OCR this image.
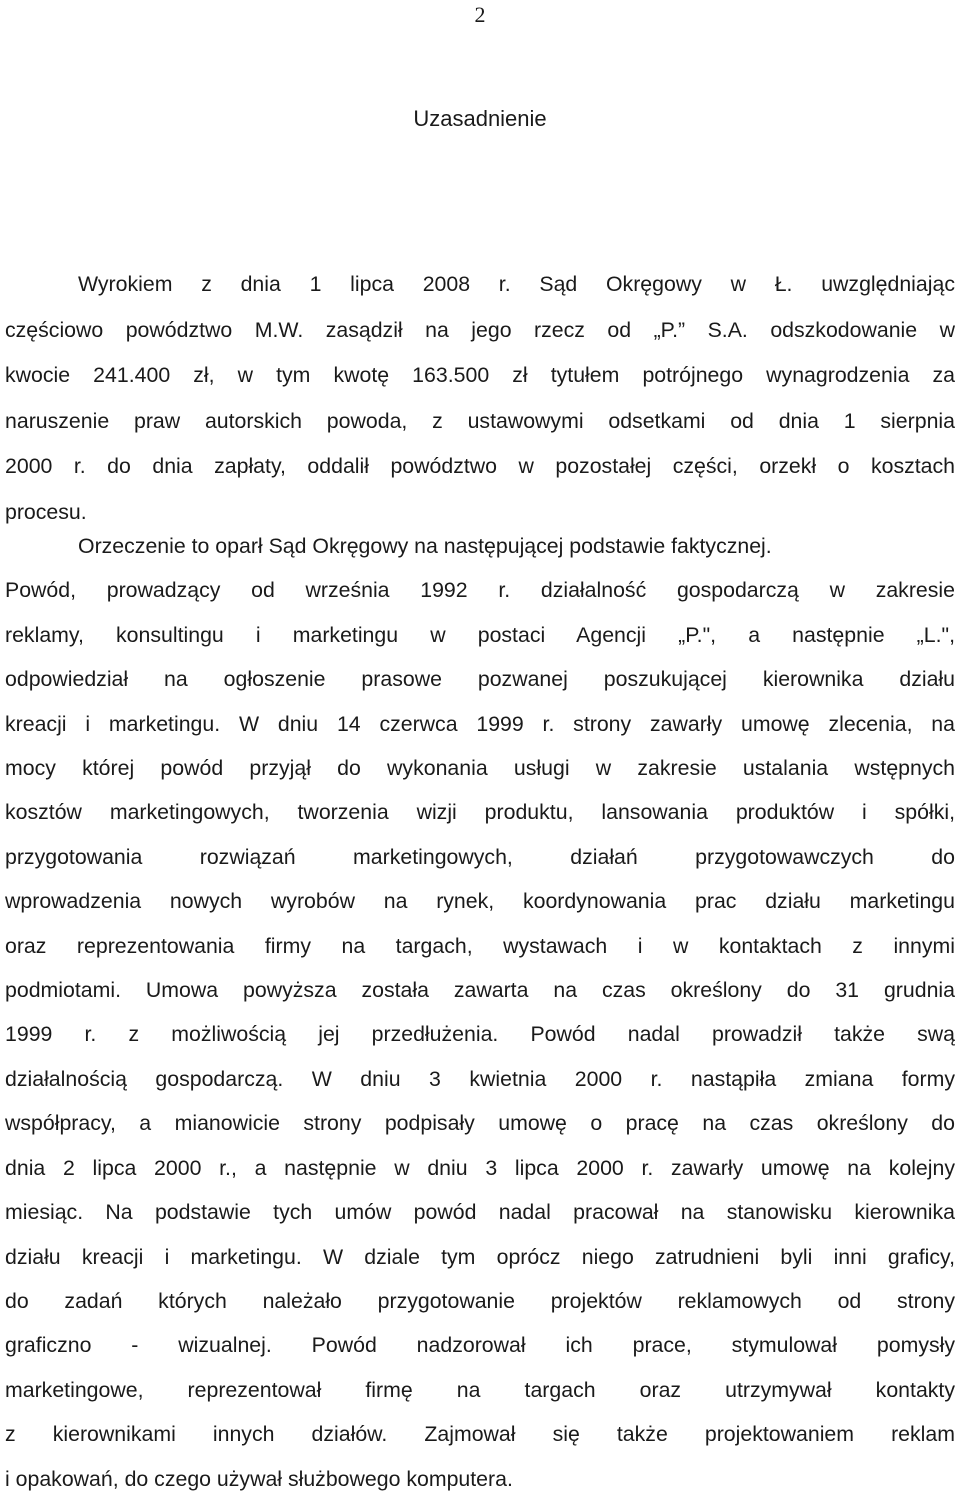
2
Uzasadnienie
Wyrokiem z dnia 1 lipca 2008 r. Sąd Okręgowy w Ł. uwzględniając
częściowo powództwo M.W. zasądził na jego rzecz od „P.” S.A. odszkodowanie w
kwocie 241.400 zł, w tym kwotę 163.500 zł tytułem potrójnego wynagrodzenia za
naruszenie praw autorskich powoda, z ustawowymi odsetkami od dnia 1 sierpnia
2000 r. do dnia zapłaty, oddalił powództwo w pozostałej części, orzekł o kosztach
procesu.
Orzeczenie to oparł Sąd Okręgowy na następującej podstawie faktycznej.
Powód, prowadzący od września 1992 r. działalność gospodarczą w zakresie
reklamy, konsultingu i marketingu w postaci Agencji „P.", a następnie „L.",
odpowiedział na ogłoszenie prasowe pozwanej poszukującej kierownika działu
kreacji i marketingu. W dniu 14 czerwca 1999 r. strony zawarły umowę zlecenia, na
mocy której powód przyjął do wykonania usługi w zakresie ustalania wstępnych
kosztów marketingowych, tworzenia wizji produktu, lansowania produktów i spółki,
przygotowania rozwiązań marketingowych, działań przygotowawczych do
wprowadzenia nowych wyrobów na rynek, koordynowania prac działu marketingu
oraz reprezentowania firmy na targach, wystawach i w kontaktach z innymi
podmiotami. Umowa powyższa została zawarta na czas określony do 31 grudnia
1999 r. z możliwością jej przedłużenia. Powód nadal prowadził także swą
działalnością gospodarczą. W dniu 3 kwietnia 2000 r. nastąpiła zmiana formy
współpracy, a mianowicie strony podpisały umowę o pracę na czas określony do
dnia 2 lipca 2000 r., a następnie w dniu 3 lipca 2000 r. zawarły umowę na kolejny
miesiąc. Na podstawie tych umów powód nadal pracował na stanowisku kierownika
działu kreacji i marketingu. W dziale tym oprócz niego zatrudnieni byli inni graficy,
do zadań których należało przygotowanie projektów reklamowych od strony
graficzno - wizualnej. Powód nadzorował ich prace, stymulował pomysły
marketingowe, reprezentował firmę na targach oraz utrzymywał kontakty
z kierownikami innych działów. Zajmował się także projektowaniem reklam
i opakowań, do czego używał służbowego komputera.
